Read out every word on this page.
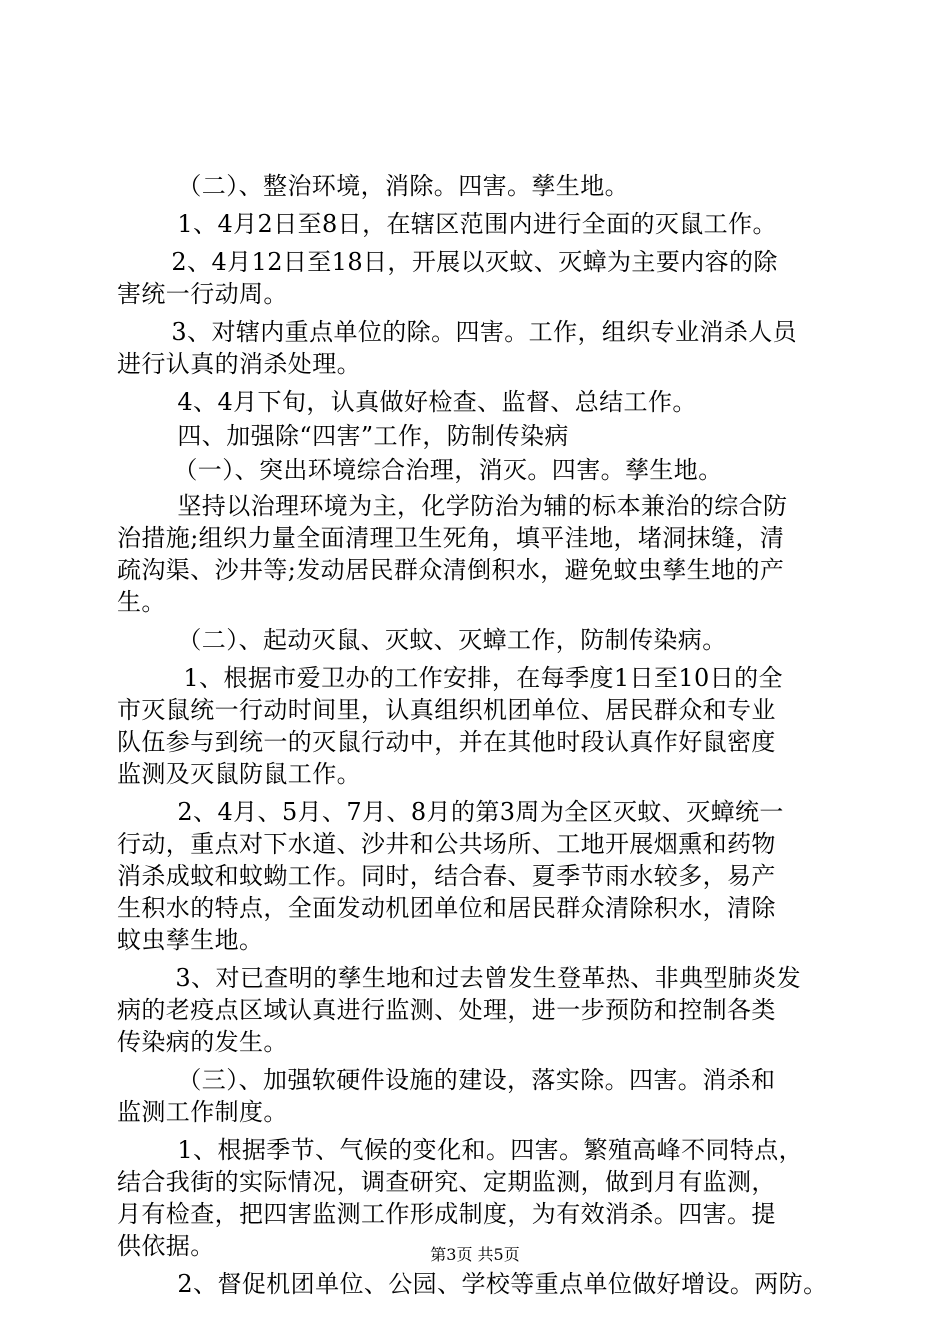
　（二）、整治环境，消除。四害。孳生地。
　1、4月2日至8日，在辖区范围内进行全面的灭鼠工作。
　2、4月12日至18日，开展以灭蚊、灭蟑为主要内容的除
害统一行动周。
　3、对辖内重点单位的除。四害。工作，组织专业消杀人员
进行认真的消杀处理。
　4、4月下旬，认真做好检查、监督、总结工作。
　四、加强除“四害”工作，防制传染病
　（一）、突出环境综合治理，消灭。四害。孳生地。
　坚持以治理环境为主，化学防治为辅的标本兼治的综合防
治措施;组织力量全面清理卫生死角，填平洼地，堵洞抹缝，清
疏沟渠、沙井等;发动居民群众清倒积水，避免蚊虫孳生地的产
生。
　（二）、起动灭鼠、灭蚊、灭蟑工作，防制传染病。
　1、根据市爱卫办的工作安排，在每季度1日至10日的全
市灭鼠统一行动时间里，认真组织机团单位、居民群众和专业
队伍参与到统一的灭鼠行动中，并在其他时段认真作好鼠密度
监测及灭鼠防鼠工作。
　2、4月、5月、7月、8月的第3周为全区灭蚊、灭蟑统一
行动，重点对下水道、沙井和公共场所、工地开展烟熏和药物
消杀成蚊和蚊蚴工作。同时，结合春、夏季节雨水较多，易产
生积水的特点，全面发动机团单位和居民群众清除积水，清除
蚊虫孳生地。
　3、对已查明的孳生地和过去曾发生登革热、非典型肺炎发
病的老疫点区域认真进行监测、处理，进一步预防和控制各类
传染病的发生。
　（三）、加强软硬件设施的建设，落实除。四害。消杀和
监测工作制度。
　1、根据季节、气候的变化和。四害。繁殖高峰不同特点，
结合我街的实际情况，调查研究、定期监测，做到月有监测，
月有检查，把四害监测工作形成制度，为有效消杀。四害。提
供依据。
　2、督促机团单位、公园、学校等重点单位做好增设。两防。
第3页 共5页
